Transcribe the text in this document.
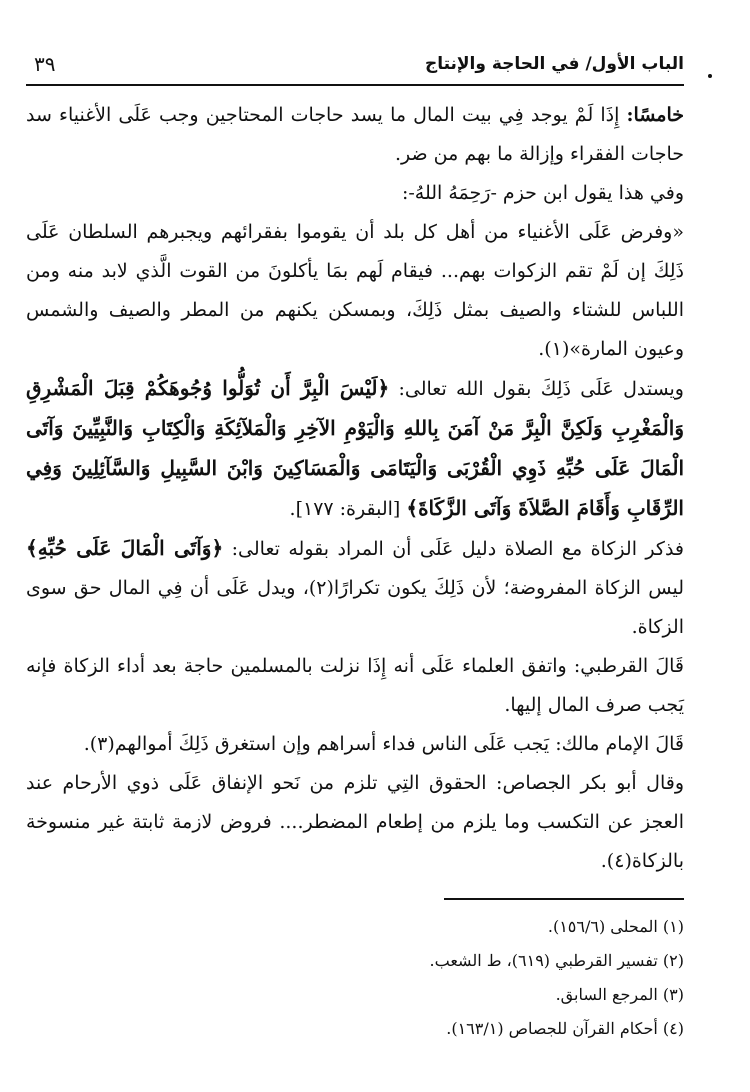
الباب الأول/ في الحاجة والإنتاج
٣٩

خامسًا: إِذَا لَمْ يوجد فِي بيت المال ما يسد حاجات المحتاجين وجب عَلَى الأغنياء سد حاجات الفقراء وإزالة ما بهم من ضر.

وفي هذا يقول ابن حزم -رَحِمَهُ اللهُ-:

«وفرض عَلَى الأغنياء من أهل كل بلد أن يقوموا بفقرائهم ويجبرهم السلطان عَلَى ذَلِكَ إن لَمْ تقم الزكوات بهم... فيقام لَهم بمَا يأكلونَ من القوت الَّذي لابد منه ومن اللباس للشتاء والصيف بمثل ذَلِكَ، وبمسكن يكنهم من المطر والصيف والشمس وعيون المارة»(١).

ويستدل عَلَى ذَلِكَ بقول الله تعالى: ﴿لَيْسَ الْبِرَّ أَن تُوَلُّوا وُجُوهَكُمْ قِبَلَ الْمَشْرِقِ وَالْمَغْرِبِ وَلَكِنَّ الْبِرَّ مَنْ آمَنَ بِاللهِ وَالْيَوْمِ الآخِرِ وَالْمَلآئِكَةِ وَالْكِتَابِ وَالنَّبِيِّينَ وَآتَى الْمَالَ عَلَى حُبِّهِ ذَوِي الْقُرْبَى وَالْيَتَامَى وَالْمَسَاكِينَ وَابْنَ السَّبِيلِ وَالسَّآئِلِينَ وَفِي الرِّقَابِ وَأَقَامَ الصَّلاَةَ وَآتَى الزَّكَاةَ﴾ [البقرة: ١٧٧].

فذكر الزكاة مع الصلاة دليل عَلَى أن المراد بقوله تعالى: ﴿وَآتَى الْمَالَ عَلَى حُبِّهِ﴾ ليس الزكاة المفروضة؛ لأن ذَلِكَ يكون تكرارًا(٢)، ويدل عَلَى أن فِي المال حق سوى الزكاة.

قَالَ القرطبي: واتفق العلماء عَلَى أنه إِذَا نزلت بالمسلمين حاجة بعد أداء الزكاة فإنه يَجب صرف المال إليها.

قَالَ الإمام مالك: يَجب عَلَى الناس فداء أسراهم وإن استغرق ذَلِكَ أموالهم(٣).

وقال أبو بكر الجصاص: الحقوق التِي تلزم من نَحو الإنفاق عَلَى ذوي الأرحام عند العجز عن التكسب وما يلزم من إطعام المضطر.... فروض لازمة ثابتة غير منسوخة بالزكاة(٤).

(١) المحلى (١٥٦/٦).
(٢) تفسير القرطبي (٦١٩)، ط الشعب.
(٣) المرجع السابق.
(٤) أحكام القرآن للجصاص (١٦٣/١).
